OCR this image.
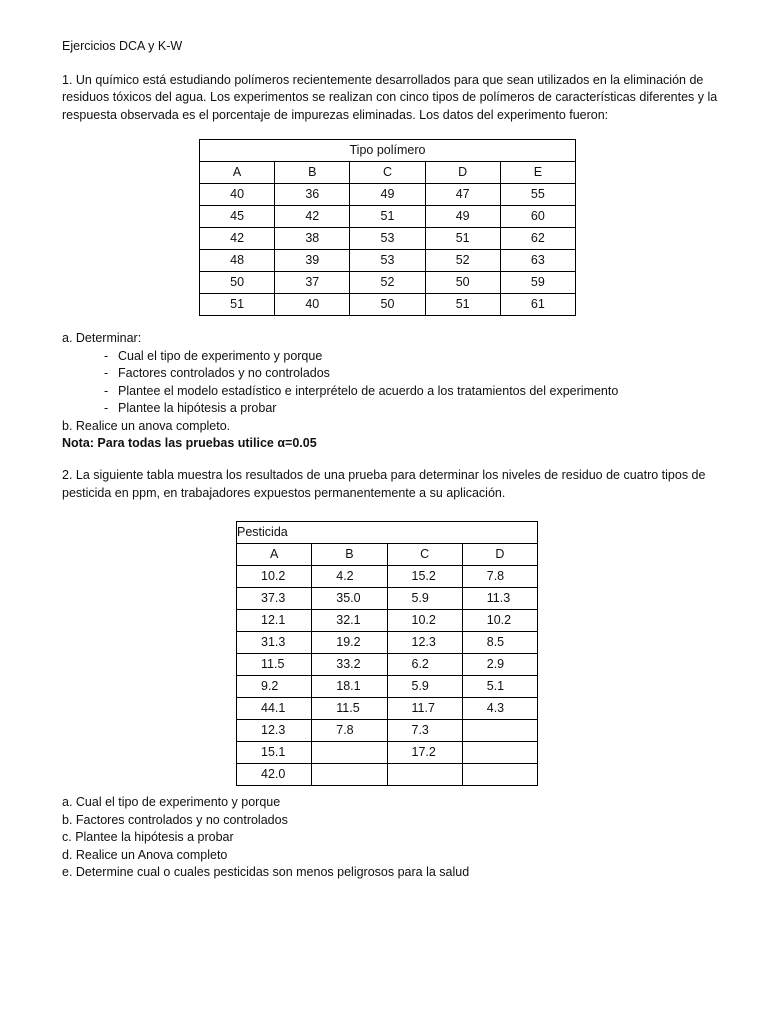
Ejercicios DCA y K-W

1. Un químico está estudiando polímeros recientemente desarrollados para que sean utilizados en la eliminación de residuos tóxicos del agua. Los experimentos se realizan con cinco tipos de polímeros de características diferentes y la respuesta observada es el porcentaje de impurezas eliminadas. Los datos del experimento fueron:

Tipo polímero				
A	B	C	D	E
40	36	49	47	55
45	42	51	49	60
42	38	53	51	62
48	39	53	52	63
50	37	52	50	59
51	40	50	51	61

a. Determinar:

- Cual el tipo de experimento y porque

- Factores controlados y no controlados

- Plantee el modelo estadístico e interprételo de acuerdo a los tratamientos del experimento

- Plantee la hipótesis a probar

b. Realice un anova completo.

Nota: Para todas las pruebas utilice α=0.05

2. La siguiente tabla muestra los resultados de una prueba para determinar los niveles de residuo de cuatro tipos de pesticida en ppm, en trabajadores expuestos permanentemente a su aplicación.

Pesticida			
A	B	C	D
10.2	4.2	15.2	7.8
37.3	35.0	5.9	11.3
12.1	32.1	10.2	10.2
31.3	19.2	12.3	8.5
11.5	33.2	6.2	2.9
9.2	18.1	5.9	5.1
44.1	11.5	11.7	4.3
12.3	7.8	7.3	
15.1		17.2	
42.0			

a. Cual el tipo de experimento y porque

b. Factores controlados y no controlados

c. Plantee la hipótesis a probar

d. Realice un Anova completo

e. Determine cual o cuales pesticidas son menos peligrosos para la salud
